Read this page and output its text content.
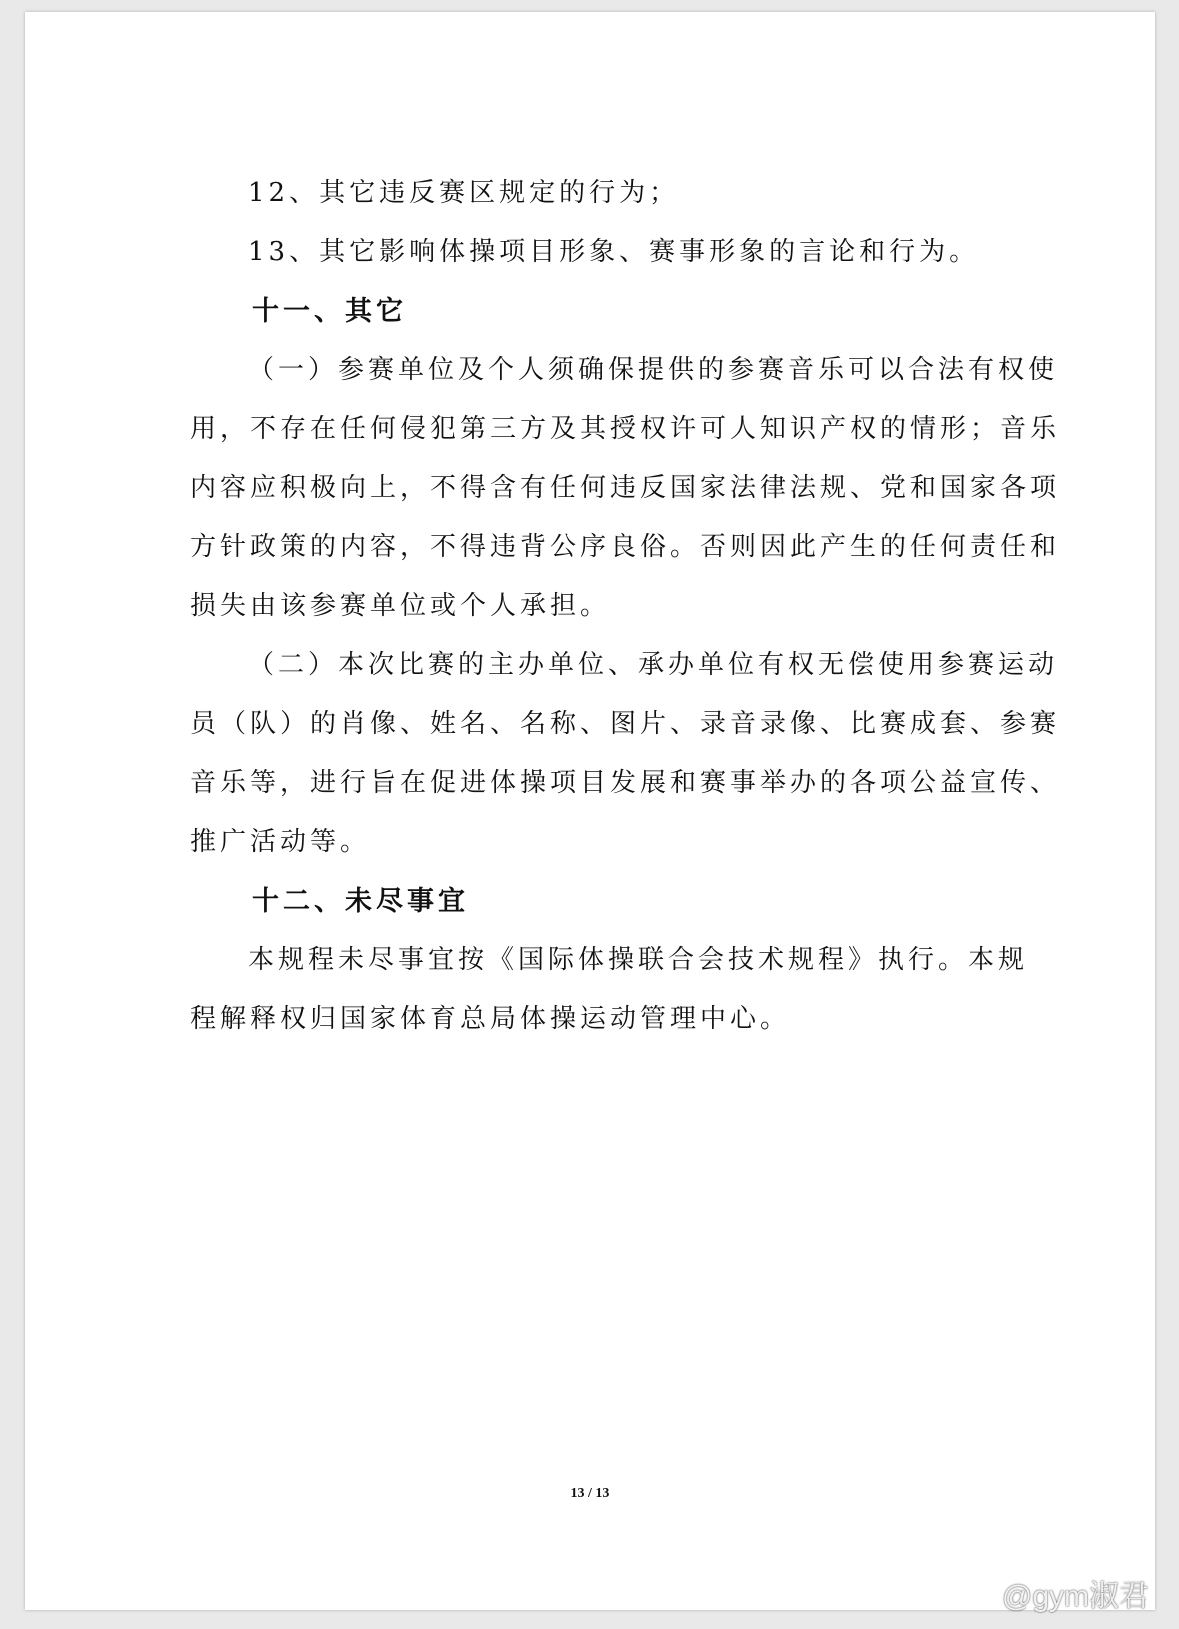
12、其它违反赛区规定的行为；
13、其它影响体操项目形象、赛事形象的言论和行为。
十一、其它
（一）参赛单位及个人须确保提供的参赛音乐可以合法有权使
用，不存在任何侵犯第三方及其授权许可人知识产权的情形；音乐
内容应积极向上，不得含有任何违反国家法律法规、党和国家各项
方针政策的内容，不得违背公序良俗。否则因此产生的任何责任和
损失由该参赛单位或个人承担。
（二）本次比赛的主办单位、承办单位有权无偿使用参赛运动
员（队）的肖像、姓名、名称、图片、录音录像、比赛成套、参赛
音乐等，进行旨在促进体操项目发展和赛事举办的各项公益宣传、
推广活动等。
十二、未尽事宜
本规程未尽事宜按《国际体操联合会技术规程》执行。本规
程解释权归国家体育总局体操运动管理中心。
13 / 13
@gym淑君
